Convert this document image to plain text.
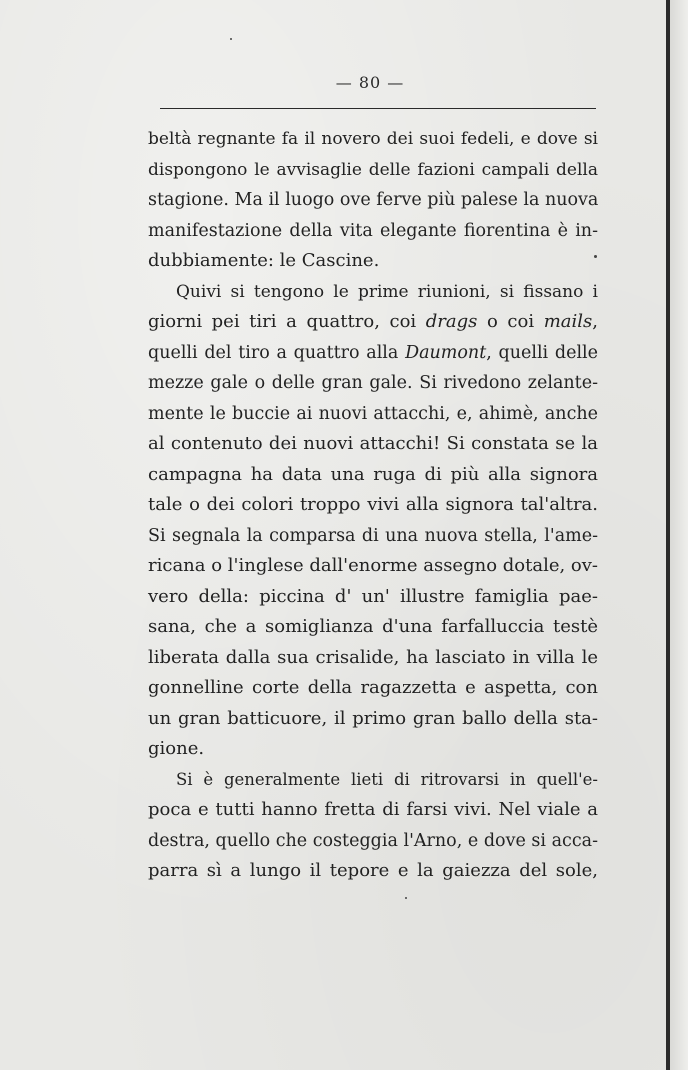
— 80 —
beltà regnante fa il novero dei suoi fedeli, e dove si
dispongono le avvisaglie delle fazioni campali della
stagione. Ma il luogo ove ferve più palese la nuova
manifestazione della vita elegante fiorentina è in-
dubbiamente: le Cascine.
Quivi si tengono le prime riunioni, si fissano i
giorni pei tiri a quattro, coi drags o coi mails,
quelli del tiro a quattro alla Daumont, quelli delle
mezze gale o delle gran gale. Si rivedono zelante-
mente le buccie ai nuovi attacchi, e, ahimè, anche
al contenuto dei nuovi attacchi! Si constata se la
campagna ha data una ruga di più alla signora
tale o dei colori troppo vivi alla signora tal'altra.
Si segnala la comparsa di una nuova stella, l'ame-
ricana o l'inglese dall'enorme assegno dotale, ov-
vero della: piccina d' un' illustre famiglia pae-
sana, che a somiglianza d'una farfalluccia testè
liberata dalla sua crisalide, ha lasciato in villa le
gonnelline corte della ragazzetta e aspetta, con
un gran batticuore, il primo gran ballo della sta-
gione.
Si è generalmente lieti di ritrovarsi in quell'e-
poca e tutti hanno fretta di farsi vivi. Nel viale a
destra, quello che costeggia l'Arno, e dove si acca-
parra sì a lungo il tepore e la gaiezza del sole,
